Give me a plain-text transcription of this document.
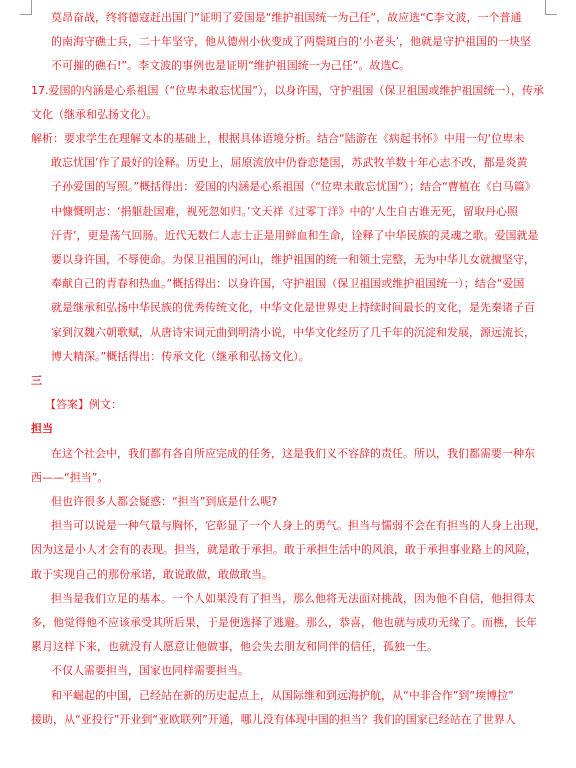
莫昂奋战，终将德寇赶出国门”证明了爱国是“维护祖国统一为己任”，故应选“C李文波，一个普通
的南海守礁士兵，二十年坚守，他从德州小伙变成了两鬓斑白的‘小老头’，他就是守护祖国的一块坚
不可摧的礁石!”。李文波的事例也是证明“维护祖国统一为己任”。故选C。
17.爱国的内涵是心系祖国（“位卑未敢忘忧国”），以身许国，守护祖国（保卫祖国或维护祖国统一），传承
文化（继承和弘扬文化）。
解析：要求学生在理解文本的基础上，根据具体语境分析。结合“陆游在《病起书怀》中用一句‘位卑未
敢忘忧国’作了最好的诠释。历史上，屈原流放中仍眷恋楚国，苏武牧羊数十年心志不改，都是炎黄
子孙爱国的写照。”概括得出：爱国的内涵是心系祖国（“位卑未敢忘忧国”）；结合“曹植在《白马篇》
中慷慨明志：‘捐躯赴国难，视死忽如归。’文天祥《过零丁洋》中的‘人生自古谁无死，留取丹心照
汗青’，更是荡气回肠。近代无数仁人志士正是用鲜血和生命，诠释了中华民族的灵魂之歌。爱国就是
要以身许国，不辱使命。为保卫祖国的河山，维护祖国的统一和领土完整，无为中华儿女就擅坚守，
奉献自己的青春和热血。”概括得出：以身许国，守护祖国（保卫祖国或维护祖国统一）；结合“爱国
就是继承和弘扬中华民族的优秀传统文化，中华文化是世界史上持续时间最长的文化，是先秦诸子百
家到汉魏六朝歌赋，从唐诗宋词元曲到明清小说，中华文化经历了几千年的沉淀和发展，源远流长，
博大精深。”概括得出：传承文化（继承和弘扬文化）。
三
【答案】例文：
担当
在这个社会中，我们都有各自所应完成的任务，这是我们义不容辞的责任。所以，我们都需要一种东
西——“担当”。
但也许很多人都会疑惑：“担当”到底是什么呢?
担当可以说是一种气量与胸怀，它彰显了一个人身上的勇气。担当与懦弱不会在有担当的人身上出现，
因为这是小人才会有的表现。担当，就是敢于承担。敢于承担生活中的风浪，敢于承担事业路上的风险，
敢于实现自己的那份承诺，敢说敢做，敢做敢当。
担当是我们立足的基本。一个人如果没有了担当，那么他将无法面对挑战，因为他不自信，他担得太
多，他觉得他不应该承受其所后果，于是便选择了逃避。那么，恭喜，他也就与成功无缘了。而樵，长年
累月这样下来，也就没有人愿意让他做事，他会失去朋友和同伴的信任，孤独一生。
不仅人需要担当，国家也同样需要担当。
和平崛起的中国，已经站在新的历史起点上，从国际维和到远海护航，从“中非合作”到“埃博拉”
援助，从“亚投行”开业到“亚欧联列”开通，哪儿没有体现中国的担当？我们的国家已经站在了世界人
